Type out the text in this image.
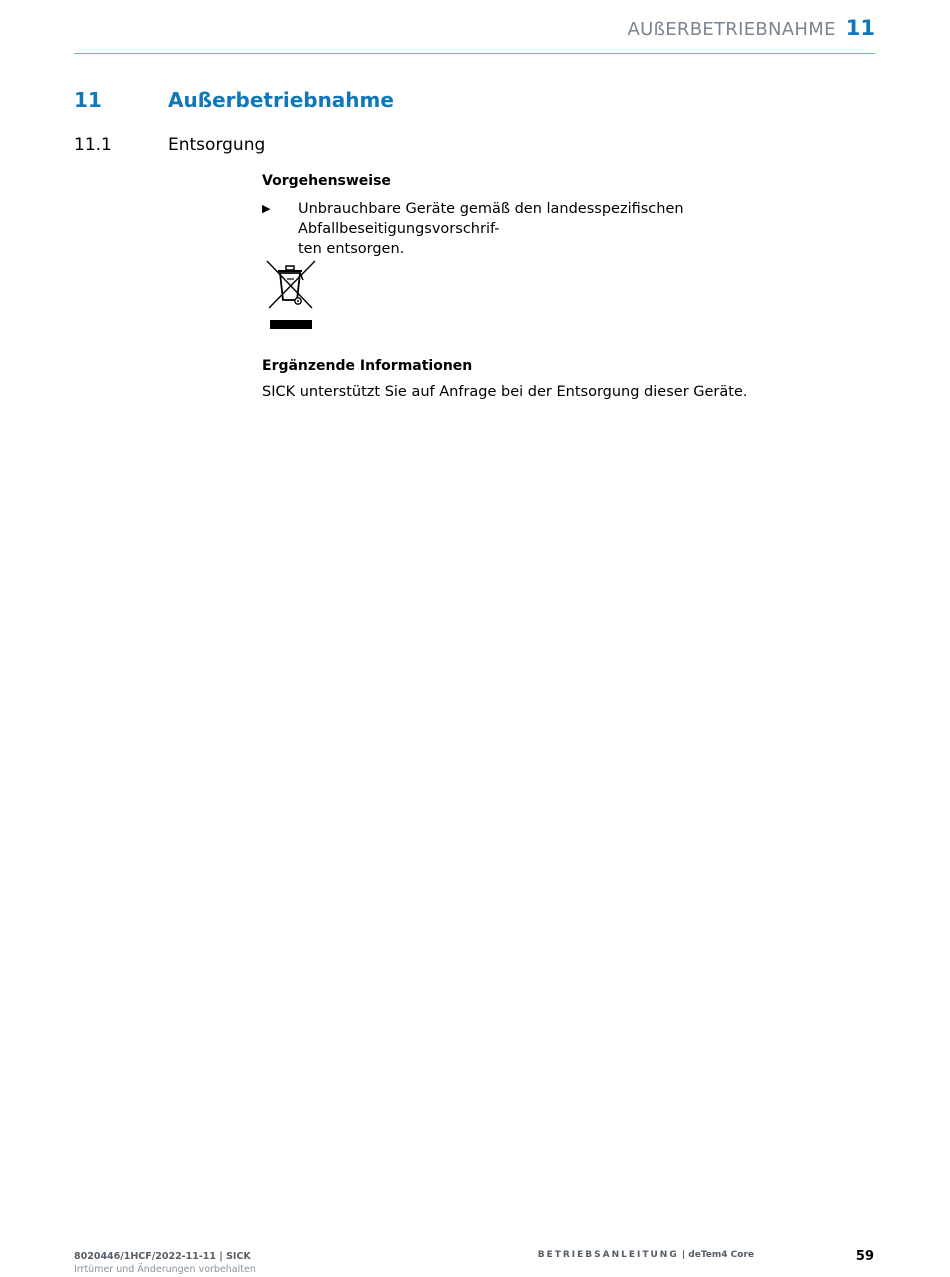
AUßERBETRIEBNAHME 11
11	Außerbetriebnahme
11.1	Entsorgung
Vorgehensweise
▶	Unbrauchbare Geräte gemäß den landesspezifischen Abfallbeseitigungsvorschrif-
ten entsorgen.
Ergänzende Informationen
SICK unterstützt Sie auf Anfrage bei der Entsorgung dieser Geräte.
8020446/1HCF/2022-11-11 | SICK
Irrtümer und Änderungen vorbehalten
BETRIEBSANLEITUNG | deTem4 Core	59
